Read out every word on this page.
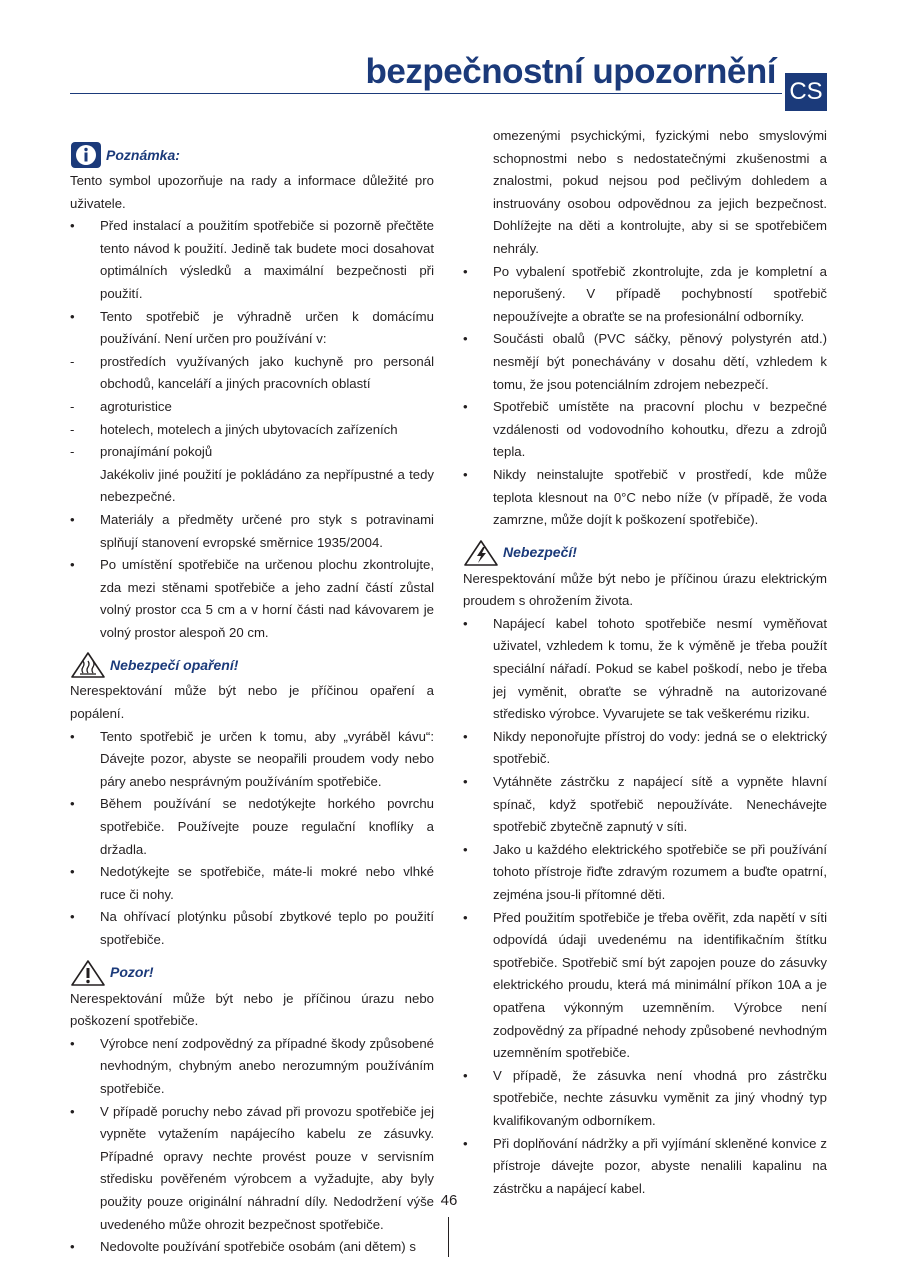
bezpečnostní upozornění
CS
Poznámka:

Tento symbol upozorňuje na rady a informace důležité pro uživatele.

•	Před instalací a použitím spotřebiče si pozorně přečtěte tento návod k použití. Jedině tak budete moci dosahovat optimálních výsledků a maximální bezpečnosti při použití.
•	Tento spotřebič je výhradně určen k domácímu používání. Není určen pro používání v:
-	prostředích využívaných jako kuchyně pro personál obchodů, kanceláří a jiných pracovních oblastí
-	agroturistice
-	hotelech, motelech a jiných ubytovacích zařízeních
-	pronajímání pokojů

Jakékoliv jiné použití je pokládáno za nepřípustné a tedy nebezpečné.

•	Materiály a předměty určené pro styk s potravinami splňují stanovení evropské směrnice 1935/2004.
•	Po umístění spotřebiče na určenou plochu zkontrolujte, zda mezi stěnami spotřebiče a jeho zadní částí zůstal volný prostor cca 5 cm a v horní části nad kávovarem je volný prostor alespoň 20 cm.
Nebezpečí opaření!

Nerespektování může být nebo je příčinou opaření a popálení.

•	Tento spotřebič je určen k tomu, aby „vyráběl kávu“: Dávejte pozor, abyste se neopařili proudem vody nebo páry anebo nesprávným používáním spotřebiče.
•	Během používání se nedotýkejte horkého povrchu spotřebiče. Používejte pouze regulační knoflíky a držadla.
•	Nedotýkejte se spotřebiče, máte-li mokré nebo vlhké ruce či nohy.
•	Na ohřívací plotýnku působí zbytkové teplo po použití spotřebiče.
Pozor!

Nerespektování může být nebo je příčinou úrazu nebo poškození spotřebiče.

•	Výrobce není zodpovědný za případné škody způsobené nevhodným, chybným anebo nerozumným používáním spotřebiče.
•	V případě poruchy nebo závad při provozu spotřebiče jej vypněte vytažením napájecího kabelu ze zásuvky. Případné opravy nechte provést pouze v servisním středisku pověřeném výrobcem a vyžadujte, aby byly použity pouze originální náhradní díly. Nedodržení výše uvedeného může ohrozit bezpečnost spotřebiče.
•	Nedovolte používání spotřebiče osobám (ani dětem) s

omezenými psychickými, fyzickými nebo smyslovými schopnostmi nebo s nedostatečnými zkušenostmi a znalostmi, pokud nejsou pod pečlivým dohledem a instruovány osobou odpovědnou za jejich bezpečnost. Dohlížejte na děti a kontrolujte, aby si se spotřebičem nehrály.

•	Po vybalení spotřebič zkontrolujte, zda je kompletní a neporušený. V případě pochybností spotřebič nepoužívejte a obraťte se na profesionální odborníky.
•	Součásti obalů (PVC sáčky, pěnový polystyrén atd.) nesmějí být ponechávány v dosahu dětí, vzhledem k tomu, že jsou potenciálním zdrojem nebezpečí.
•	Spotřebič umístěte na pracovní plochu v bezpečné vzdálenosti od vodovodního kohoutku, dřezu a zdrojů tepla.
•	Nikdy neinstalujte spotřebič v prostředí, kde může teplota klesnout na 0°C nebo níže (v případě, že voda zamrzne, může dojít k poškození spotřebiče).
Nebezpečí!

Nerespektování může být nebo je příčinou úrazu elektrickým proudem s ohrožením života.

•	Napájecí kabel tohoto spotřebiče nesmí vyměňovat uživatel, vzhledem k tomu, že k výměně je třeba použít speciální nářadí. Pokud se kabel poškodí, nebo je třeba jej vyměnit, obraťte se výhradně na autorizované středisko výrobce. Vyvarujete se tak veškerému riziku.
•	Nikdy neponořujte přístroj do vody: jedná se o elektrický spotřebič.
•	Vytáhněte zástrčku z napájecí sítě a vypněte hlavní spínač, když spotřebič nepoužíváte. Nenechávejte spotřebič zbytečně zapnutý v síti.
•	Jako u každého elektrického spotřebiče se při používání tohoto přístroje řiďte zdravým rozumem a buďte opatrní, zejména jsou-li přítomné děti.
•	Před použitím spotřebiče je třeba ověřit, zda napětí v síti odpovídá údaji uvedenému na identifikačním štítku spotřebiče. Spotřebič smí být zapojen pouze do zásuvky elektrického proudu, která má minimální příkon 10A a je opatřena výkonným uzemněním. Výrobce není zodpovědný za případné nehody způsobené nevhodným uzemněním spotřebiče.
•	V případě, že zásuvka není vhodná pro zástrčku spotřebiče, nechte zásuvku vyměnit za jiný vhodný typ kvalifikovaným odborníkem.
•	Při doplňování nádržky a při vyjímání skleněné konvice z přístroje dávejte pozor, abyste nenalili kapalinu na zástrčku a napájecí kabel.
46
